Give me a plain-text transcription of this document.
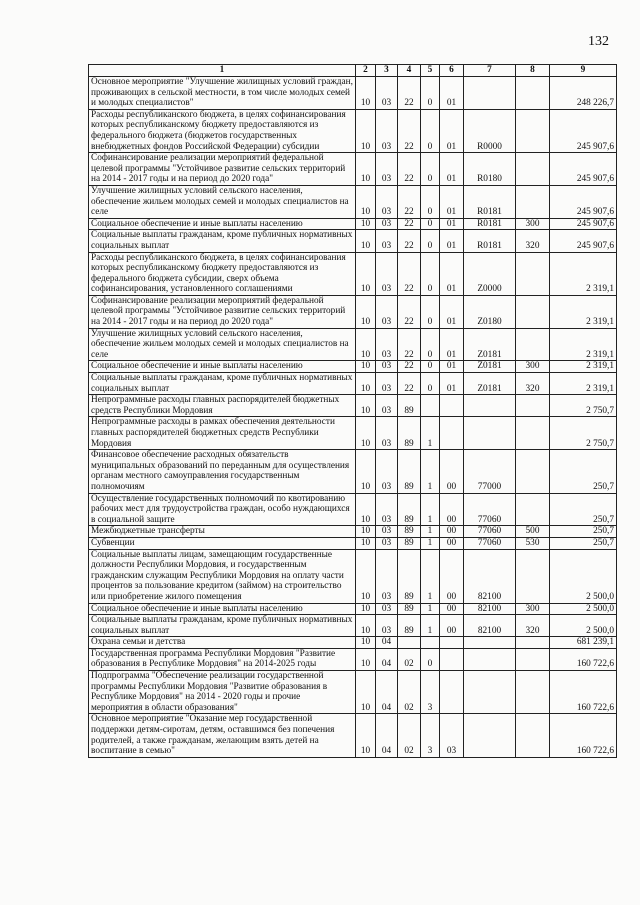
132
1	2	3	4	5	6	7	8	9
Основное мероприятие "Улучшение жилищных условий граждан, проживающих в сельской местности, в том числе молодых семей и молодых специалистов"	10	03	22	0	01			248 226,7
Расходы республиканского бюджета, в целях софинансирования которых республиканскому бюджету предоставляются из федерального бюджета (бюджетов государственных внебюджетных фондов Российской Федерации) субсидии	10	03	22	0	01	R0000		245 907,6
Софинансирование реализации мероприятий федеральной целевой программы "Устойчивое развитие сельских территорий на 2014 - 2017 годы и на период до 2020 года"	10	03	22	0	01	R0180		245 907,6
Улучшение жилищных условий сельского населения, обеспечение жильем молодых семей и молодых специалистов на селе	10	03	22	0	01	R0181		245 907,6
Социальное обеспечение и иные выплаты населению	10	03	22	0	01	R0181	300	245 907,6
Социальные выплаты гражданам, кроме публичных нормативных социальных выплат	10	03	22	0	01	R0181	320	245 907,6
Расходы республиканского бюджета, в целях софинансирования которых республиканскому бюджету предоставляются из федерального бюджета субсидии, сверх объема софинансирования, установленного соглашениями	10	03	22	0	01	Z0000		2 319,1
Софинансирование реализации мероприятий федеральной целевой программы "Устойчивое развитие сельских территорий на 2014 - 2017 годы и на период до 2020 года"	10	03	22	0	01	Z0180		2 319,1
Улучшение жилищных условий сельского населения, обеспечение жильем молодых семей и молодых специалистов на селе	10	03	22	0	01	Z0181		2 319,1
Социальное обеспечение и иные выплаты населению	10	03	22	0	01	Z0181	300	2 319,1
Социальные выплаты гражданам, кроме публичных нормативных социальных выплат	10	03	22	0	01	Z0181	320	2 319,1
Непрограммные расходы главных распорядителей бюджетных средств Республики Мордовия	10	03	89					2 750,7
Непрограммные расходы в рамках обеспечения деятельности главных распорядителей бюджетных средств Республики Мордовия	10	03	89	1				2 750,7
Финансовое обеспечение расходных обязательств муниципальных образований по переданным для осуществления органам местного самоуправления государственным полномочиям	10	03	89	1	00	77000		250,7
Осуществление государственных полномочий по квотированию рабочих мест для трудоустройства граждан, особо нуждающихся в социальной защите	10	03	89	1	00	77060		250,7
Межбюджетные трансферты	10	03	89	1	00	77060	500	250,7
Субвенции	10	03	89	1	00	77060	530	250,7
Социальные выплаты лицам, замещающим государственные должности Республики Мордовия, и государственным гражданским служащим Республики Мордовия на оплату части процентов за пользование кредитом (займом) на строительство или приобретение жилого помещения	10	03	89	1	00	82100		2 500,0
Социальное обеспечение и иные выплаты населению	10	03	89	1	00	82100	300	2 500,0
Социальные выплаты гражданам, кроме публичных нормативных социальных выплат	10	03	89	1	00	82100	320	2 500,0
Охрана семьи и детства	10	04						681 239,1
Государственная программа Республики Мордовия "Развитие образования в Республике Мордовия" на 2014-2025 годы	10	04	02	0				160 722,6
Подпрограмма "Обеспечение реализации государственной программы Республики Мордовия "Развитие образования в Республике Мордовия" на 2014 - 2020 годы и прочие мероприятия в области образования"	10	04	02	3				160 722,6
Основное мероприятие "Оказание мер государственной поддержки детям-сиротам, детям, оставшимся без попечения родителей, а также гражданам, желающим взять детей на воспитание в семью"	10	04	02	3	03			160 722,6
